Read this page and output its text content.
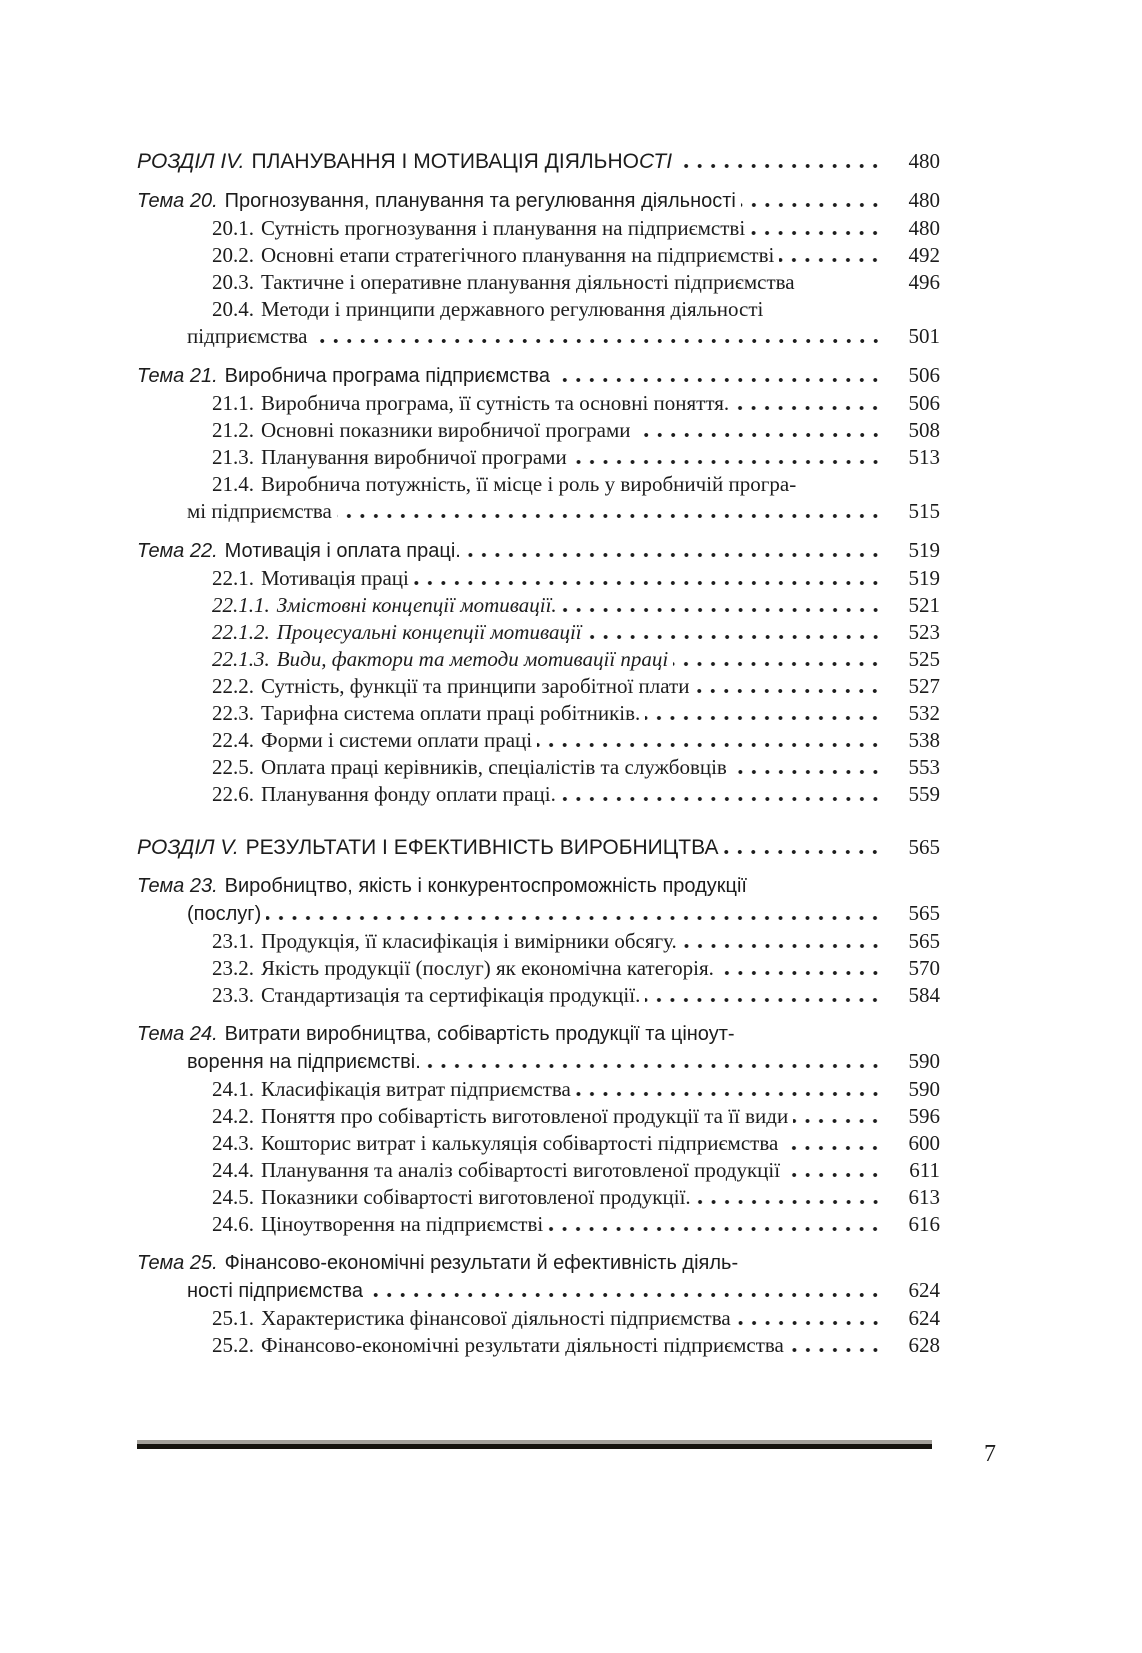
РОЗДІЛ IV. ПЛАНУВАННЯ І МОТИВАЦІЯ ДІЯЛЬНО СТІ	480
Тема 20. Прогнозування, планування та регулювання діяльності	480
20.1. Сутність прогнозування і планування на підприємстві	480
20.2. Основні етапи стратегічного планування на підприємстві	492
20.3. Тактичне і оперативне планування діяльності підприємства	496
20.4. Методи і принципи державного регулювання діяльності
підприємства	501
Тема 21. Виробнича програма підприємства	506
21.1. Виробнича програма, її сутність та основні поняття.	506
21.2. Основні показники виробничої програми	508
21.3. Планування виробничої програми	513
21.4. Виробнича потужність, її місце і роль у виробничій програ-
мі підприємства	515
Тема 22. Мотивація і оплата праці.	519
22.1. Мотивація праці	519
22.1.1. Змістовні концепції мотивації.	521
22.1.2. Процесуальні концепції мотивації	523
22.1.3. Види, фактори та методи мотивації праці	525
22.2. Сутність, функції та принципи заробітної плати	527
22.3. Тарифна система оплати праці робітників.	532
22.4. Форми і системи оплати праці	538
22.5. Оплата праці керівників, спеціалістів та службовців	553
22.6. Планування фонду оплати праці.	559
РОЗДІЛ V. РЕЗУЛЬТАТИ І ЕФЕКТИВНІСТЬ ВИРОБНИЦТВА	565
Тема 23. Виробництво, якість і конкурентоспроможність продукції
(послуг)	565
23.1. Продукція, її класифікація і вимірники обсягу.	565
23.2. Якість продукції (послуг) як економічна категорія.	570
23.3. Стандартизація та сертифікація продукції.	584
Тема 24. Витрати виробництва, собівартість продукції та ціноут-
ворення на підприємстві.	590
24.1. Класифікація витрат підприємства	590
24.2. Поняття про собівартість виготовленої продукції та її види	596
24.3. Кошторис витрат і калькуляція собівартості підприємства	600
24.4. Планування та аналіз собівартості виготовленої продукції	611
24.5. Показники собівартості виготовленої продукції.	613
24.6. Ціноутворення на підприємстві	616
Тема 25. Фінансово-економічні результати й ефективність діяль-
ності підприємства	624
25.1. Характеристика фінансової діяльності підприємства	624
25.2. Фінансово-економічні результати діяльності підприємства	628
7
